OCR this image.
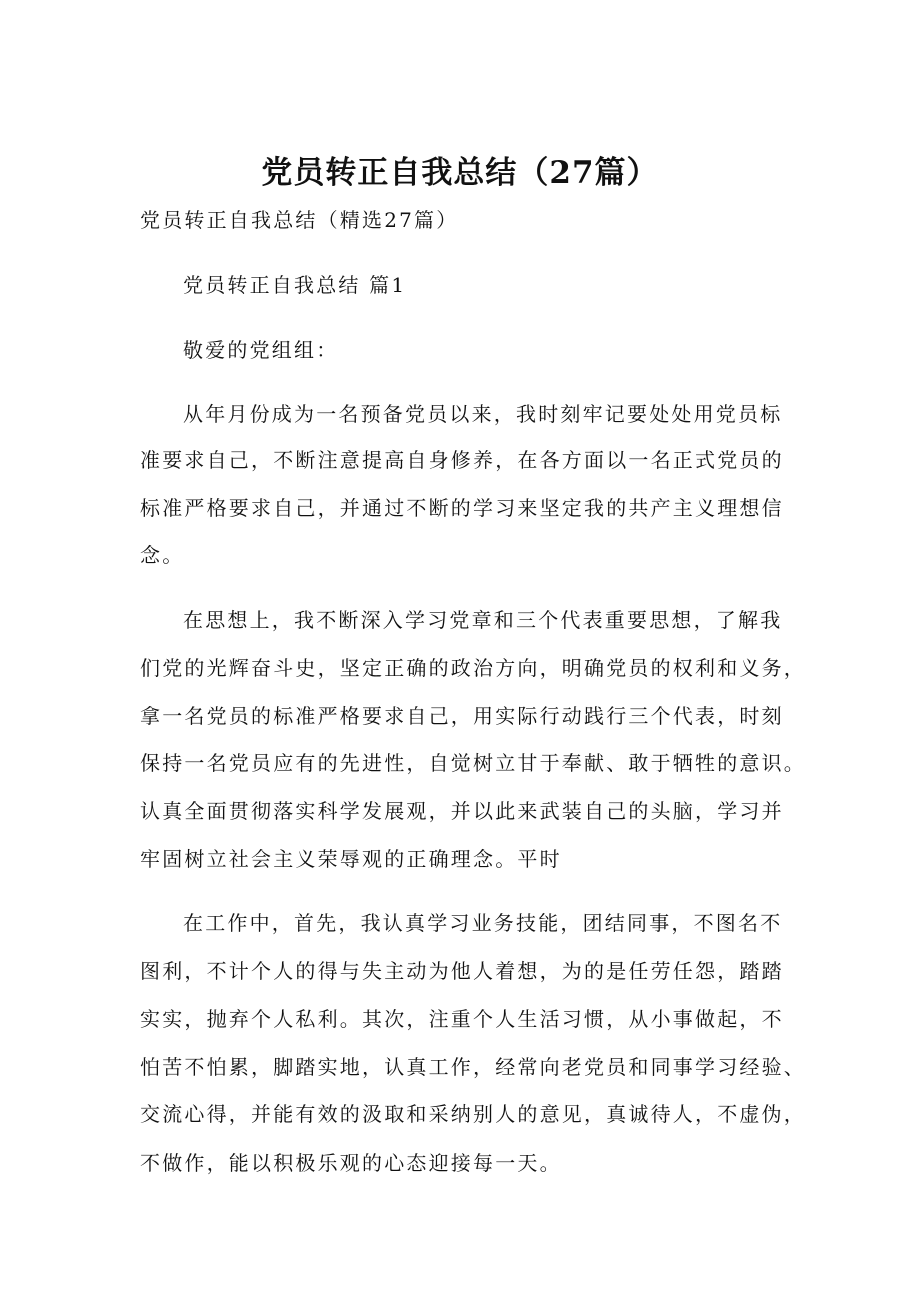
党员转正自我总结（27篇）
党员转正自我总结（精选27篇）
党员转正自我总结 篇1
敬爱的党组组：
从年月份成为一名预备党员以来，我时刻牢记要处处用党员标
准要求自己，不断注意提高自身修养，在各方面以一名正式党员的
标准严格要求自己，并通过不断的学习来坚定我的共产主义理想信
念。
在思想上，我不断深入学习党章和三个代表重要思想，了解我
们党的光辉奋斗史，坚定正确的政治方向，明确党员的权利和义务，
拿一名党员的标准严格要求自己，用实际行动践行三个代表，时刻
保持一名党员应有的先进性，自觉树立甘于奉献、敢于牺牲的意识。
认真全面贯彻落实科学发展观，并以此来武装自己的头脑，学习并
牢固树立社会主义荣辱观的正确理念。平时
在工作中，首先，我认真学习业务技能，团结同事，不图名不
图利，不计个人的得与失主动为他人着想，为的是任劳任怨，踏踏
实实，抛弃个人私利。其次，注重个人生活习惯，从小事做起，不
怕苦不怕累，脚踏实地，认真工作，经常向老党员和同事学习经验、
交流心得，并能有效的汲取和采纳别人的意见，真诚待人，不虚伪，
不做作，能以积极乐观的心态迎接每一天。
